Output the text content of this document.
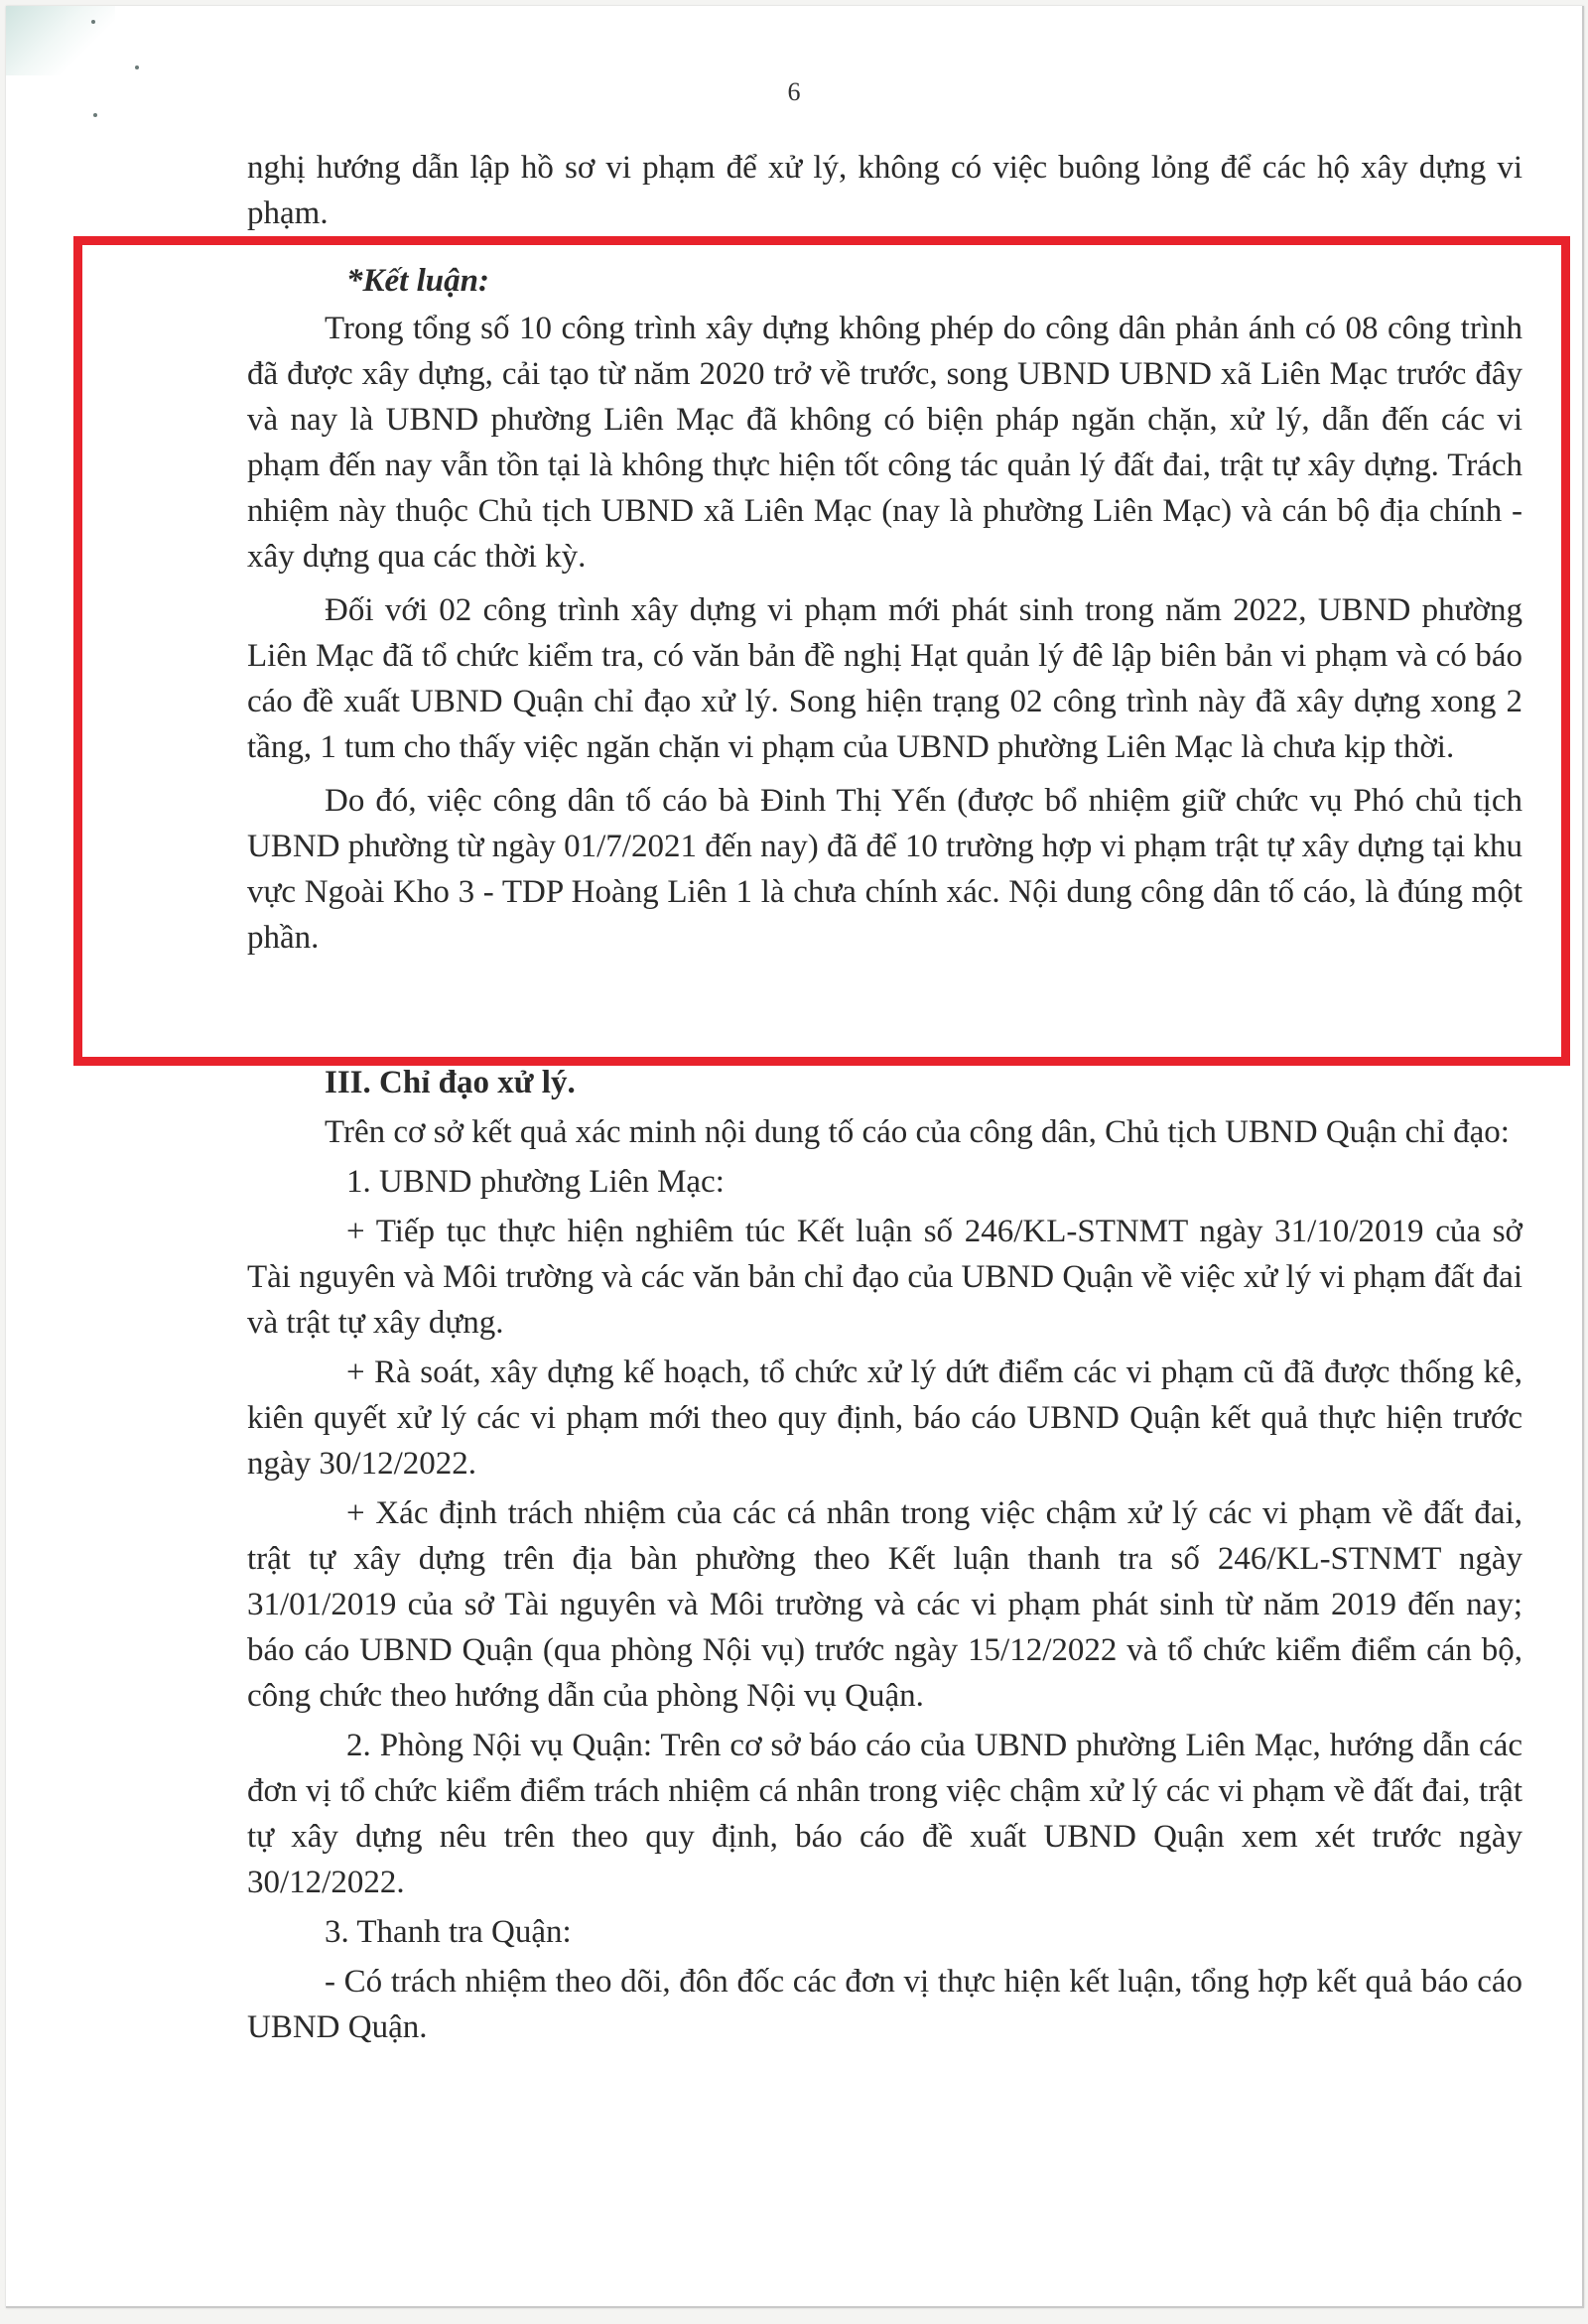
6

nghị hướng dẫn lập hồ sơ vi phạm để xử lý, không có việc buông lỏng để các hộ xây dựng vi phạm.

*Kết luận:

Trong tổng số 10 công trình xây dựng không phép do công dân phản ánh có 08 công trình đã được xây dựng, cải tạo từ năm 2020 trở về trước, song UBND UBND xã Liên Mạc trước đây và nay là UBND phường Liên Mạc đã không có biện pháp ngăn chặn, xử lý, dẫn đến các vi phạm đến nay vẫn tồn tại là không thực hiện tốt công tác quản lý đất đai, trật tự xây dựng. Trách nhiệm này thuộc Chủ tịch UBND xã Liên Mạc (nay là phường Liên Mạc) và cán bộ địa chính - xây dựng qua các thời kỳ.

Đối với 02 công trình xây dựng vi phạm mới phát sinh trong năm 2022, UBND phường Liên Mạc đã tổ chức kiểm tra, có văn bản đề nghị Hạt quản lý đê lập biên bản vi phạm và có báo cáo đề xuất UBND Quận chỉ đạo xử lý. Song hiện trạng 02 công trình này đã xây dựng xong 2 tầng, 1 tum cho thấy việc ngăn chặn vi phạm của UBND phường Liên Mạc là chưa kịp thời.

Do đó, việc công dân tố cáo bà Đinh Thị Yến (được bổ nhiệm giữ chức vụ Phó chủ tịch UBND phường từ ngày 01/7/2021 đến nay) đã để 10 trường hợp vi phạm trật tự xây dựng tại khu vực Ngoài Kho 3 - TDP Hoàng Liên 1 là chưa chính xác. Nội dung công dân tố cáo, là đúng một phần.

III. Chỉ đạo xử lý.

Trên cơ sở kết quả xác minh nội dung tố cáo của công dân, Chủ tịch UBND Quận chỉ đạo:

1. UBND phường Liên Mạc:

+ Tiếp tục thực hiện nghiêm túc Kết luận số 246/KL-STNMT ngày 31/10/2019 của sở Tài nguyên và Môi trường và các văn bản chỉ đạo của UBND Quận về việc xử lý vi phạm đất đai và trật tự xây dựng.

+ Rà soát, xây dựng kế hoạch, tổ chức xử lý dứt điểm các vi phạm cũ đã được thống kê, kiên quyết xử lý các vi phạm mới theo quy định, báo cáo UBND Quận kết quả thực hiện trước ngày 30/12/2022.

+ Xác định trách nhiệm của các cá nhân trong việc chậm xử lý các vi phạm về đất đai, trật tự xây dựng trên địa bàn phường theo Kết luận thanh tra số 246/KL-STNMT ngày 31/01/2019 của sở Tài nguyên và Môi trường và các vi phạm phát sinh từ năm 2019 đến nay; báo cáo UBND Quận (qua phòng Nội vụ) trước ngày 15/12/2022 và tổ chức kiểm điểm cán bộ, công chức theo hướng dẫn của phòng Nội vụ Quận.

2. Phòng Nội vụ Quận: Trên cơ sở báo cáo của UBND phường Liên Mạc, hướng dẫn các đơn vị tổ chức kiểm điểm trách nhiệm cá nhân trong việc chậm xử lý các vi phạm về đất đai, trật tự xây dựng nêu trên theo quy định, báo cáo đề xuất UBND Quận xem xét trước ngày 30/12/2022.

3. Thanh tra Quận:

- Có trách nhiệm theo dõi, đôn đốc các đơn vị thực hiện kết luận, tổng hợp kết quả báo cáo UBND Quận.
